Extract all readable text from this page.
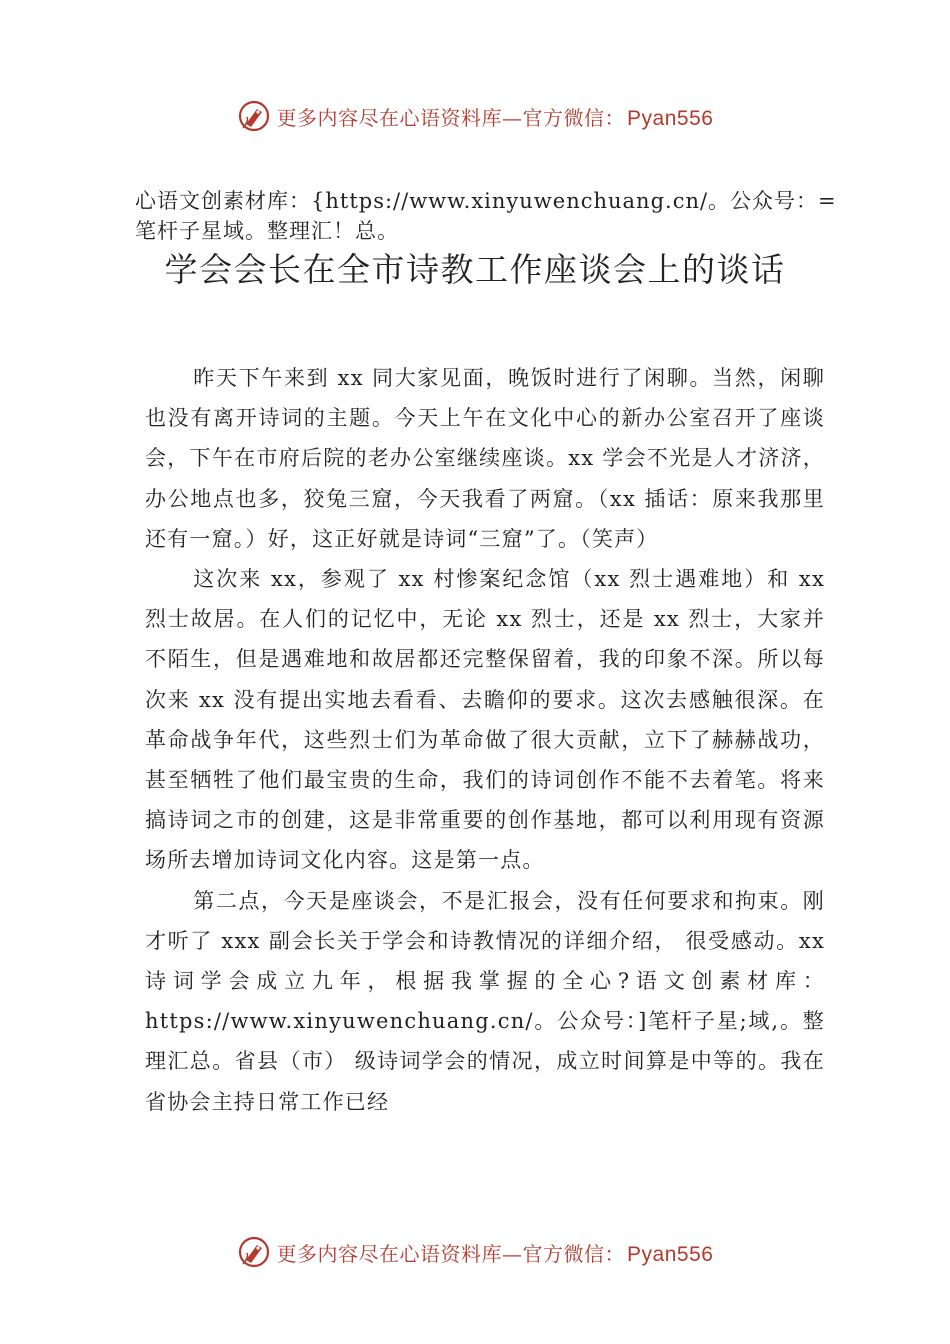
更多内容尽在心语资料库—官方微信：Pyan556
心语文创素材库：{https://www.xinyuwenchuang.cn/。公众号：=笔杆子星域。整理汇！总。
学会会长在全市诗教工作座谈会上的谈话

昨天下午来到 xx 同大家见面，晚饭时进行了闲聊。当然，闲聊也没有离开诗词的主题。今天上午在文化中心的新办公室召开了座谈会，下午在市府后院的老办公室继续座谈。xx 学会不光是人才济济，办公地点也多，狡兔三窟，今天我看了两窟。（xx 插话：原来我那里还有一窟。）好，这正好就是诗词“三窟”了。（笑声）

这次来 xx，参观了 xx 村惨案纪念馆（xx 烈士遇难地）和 xx 烈士故居。在人们的记忆中，无论 xx 烈士，还是 xx 烈士，大家并不陌生，但是遇难地和故居都还完整保留着，我的印象不深。所以每次来 xx 没有提出实地去看看、去瞻仰的要求。这次去感触很深。在革命战争年代，这些烈士们为革命做了很大贡献，立下了赫赫战功，甚至牺牲了他们最宝贵的生命，我们的诗词创作不能不去着笔。将来搞诗词之市的创建，这是非常重要的创作基地，都可以利用现有资源场所去增加诗词文化内容。这是第一点。

第二点，今天是座谈会，不是汇报会，没有任何要求和拘束。刚才听了 xxx 副会长关于学会和诗教情况的详细介绍， 很受感动。xx 诗词学会成立九年，根据我掌握的全心?语文创素材库：https://www.xinyuwenchuang.cn/。公众号：]笔杆子星;域,。整理汇总。省县（市） 级诗词学会的情况，成立时间算是中等的。我在省协会主持日常工作已经

更多内容尽在心语资料库—官方微信：Pyan556
